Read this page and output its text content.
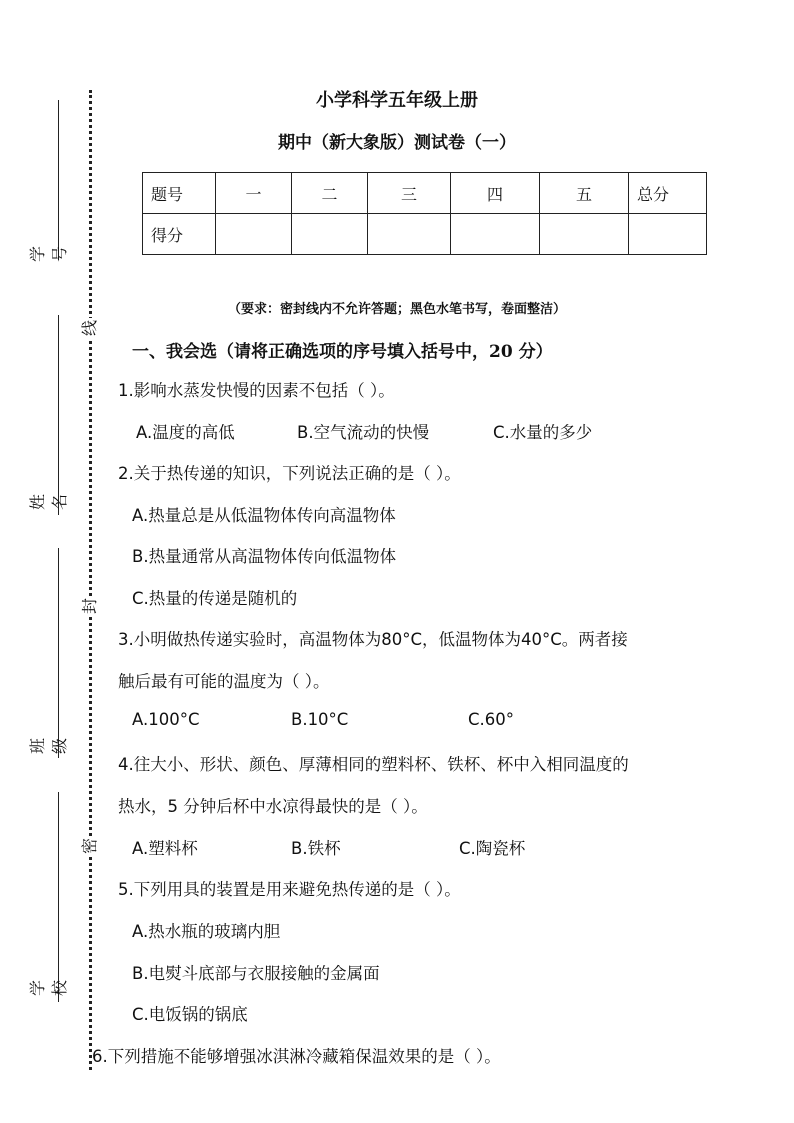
学号
姓名
班级
学校
线
封
密
小学科学五年级上册
期中（新大象版）测试卷（一）
题号	一	二	三	四	五	总分
得分						
（要求：密封线内不允许答题；黑色水笔书写，卷面整洁）
一、我会选（请将正确选项的序号填入括号中，20 分）
1.影响水蒸发快慢的因素不包括（ ）。
A.温度的高低	B.空气流动的快慢	C.水量的多少
2.关于热传递的知识，下列说法正确的是（ ）。
A.热量总是从低温物体传向高温物体
B.热量通常从高温物体传向低温物体
C.热量的传递是随机的
3.小明做热传递实验时，高温物体为80°C，低温物体为40°C。两者接
触后最有可能的温度为（ ）。
A.100°C	B.10°C	C.60°
4.往大小、形状、颜色、厚薄相同的塑料杯、铁杯、杯中入相同温度的
热水，5 分钟后杯中水凉得最快的是（ ）。
A.塑料杯	B.铁杯	C.陶瓷杯
5.下列用具的装置是用来避免热传递的是（ ）。
A.热水瓶的玻璃内胆
B.电熨斗底部与衣服接触的金属面
C.电饭锅的锅底
6.下列措施不能够增强冰淇淋冷藏箱保温效果的是（ ）。
